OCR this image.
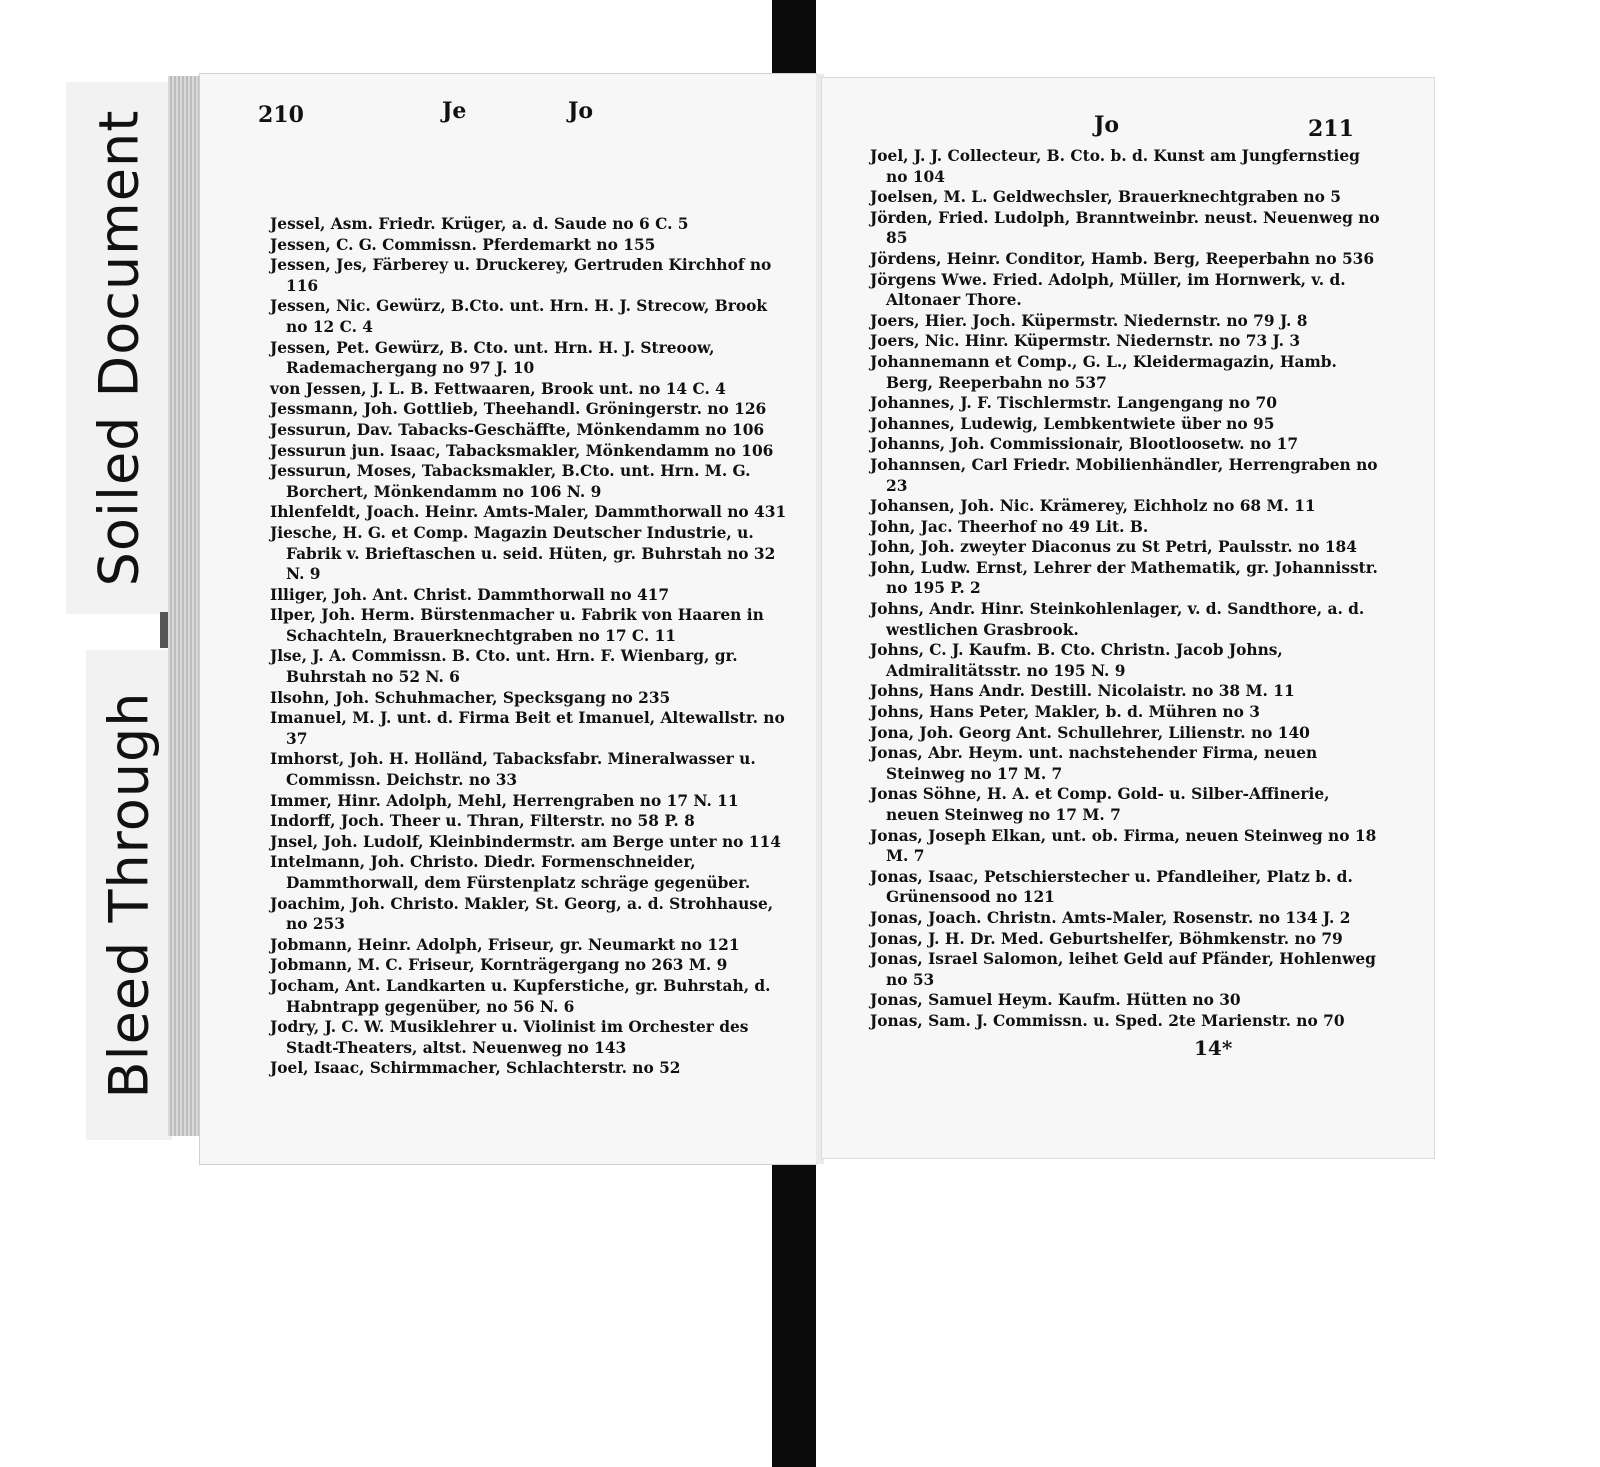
Soiled Document
Bleed Through
210	Je	Jo
Jessel, Asm. Friedr. Krüger, a. d. Saude no 6 C. 5
Jessen, C. G. Commissn. Pferdemarkt no 155
Jessen, Jes, Färberey u. Druckerey, Gertruden Kirchhof no 116
Jessen, Nic. Gewürz, B.Cto. unt. Hrn. H. J. Strecow, Brook no 12 C. 4
Jessen, Pet. Gewürz, B. Cto. unt. Hrn. H. J. Streoow, Rademachergang no 97 J. 10
von Jessen, J. L. B. Fettwaaren, Brook unt. no 14 C. 4
Jessmann, Joh. Gottlieb, Theehandl. Gröningerstr. no 126
Jessurun, Dav. Tabacks-Geschäffte, Mönkendamm no 106
Jessurun jun. Isaac, Tabacksmakler, Mönkendamm no 106
Jessurun, Moses, Tabacksmakler, B.Cto. unt. Hrn. M. G. Borchert, Mönkendamm no 106 N. 9
Ihlenfeldt, Joach. Heinr. Amts-Maler, Dammthorwall no 431
Jiesche, H. G. et Comp. Magazin Deutscher Industrie, u. Fabrik v. Brieftaschen u. seid. Hüten, gr. Buhrstah no 32 N. 9
Illiger, Joh. Ant. Christ. Dammthorwall no 417
Ilper, Joh. Herm. Bürstenmacher u. Fabrik von Haaren in Schachteln, Brauerknechtgraben no 17 C. 11
Jlse, J. A. Commissn. B. Cto. unt. Hrn. F. Wienbarg, gr. Buhrstah no 52 N. 6
Ilsohn, Joh. Schuhmacher, Specksgang no 235
Imanuel, M. J. unt. d. Firma Beit et Imanuel, Altewallstr. no 37
Imhorst, Joh. H. Holländ, Tabacksfabr. Mineralwasser u. Commissn. Deichstr. no 33
Immer, Hinr. Adolph, Mehl, Herrengraben no 17 N. 11
Indorff, Joch. Theer u. Thran, Filterstr. no 58 P. 8
Jnsel, Joh. Ludolf, Kleinbindermstr. am Berge unter no 114
Intelmann, Joh. Christo. Diedr. Formenschneider, Dammthorwall, dem Fürstenplatz schräge gegenüber.
Joachim, Joh. Christo. Makler, St. Georg, a. d. Strohhause, no 253
Jobmann, Heinr. Adolph, Friseur, gr. Neumarkt no 121
Jobmann, M. C. Friseur, Kornträgergang no 263 M. 9
Jocham, Ant. Landkarten u. Kupferstiche, gr. Buhrstah, d. Habntrapp gegenüber, no 56 N. 6
Jodry, J. C. W. Musiklehrer u. Violinist im Orchester des Stadt-Theaters, altst. Neuenweg no 143
Joel, Isaac, Schirmmacher, Schlachterstr. no 52
Jo	211
Joel, J. J. Collecteur, B. Cto. b. d. Kunst am Jungfernstieg no 104
Joelsen, M. L. Geldwechsler, Brauerknechtgraben no 5
Jörden, Fried. Ludolph, Branntweinbr. neust. Neuenweg no 85
Jördens, Heinr. Conditor, Hamb. Berg, Reeperbahn no 536
Jörgens Wwe. Fried. Adolph, Müller, im Hornwerk, v. d. Altonaer Thore.
Joers, Hier. Joch. Küpermstr. Niedernstr. no 79 J. 8
Joers, Nic. Hinr. Küpermstr. Niedernstr. no 73 J. 3
Johannemann et Comp., G. L., Kleidermagazin, Hamb. Berg, Reeperbahn no 537
Johannes, J. F. Tischlermstr. Langengang no 70
Johannes, Ludewig, Lembkentwiete über no 95
Johanns, Joh. Commissionair, Blootloosetw. no 17
Johannsen, Carl Friedr. Mobilienhändler, Herrengraben no 23
Johansen, Joh. Nic. Krämerey, Eichholz no 68 M. 11
John, Jac. Theerhof no 49 Lit. B.
John, Joh. zweyter Diaconus zu St Petri, Paulsstr. no 184
John, Ludw. Ernst, Lehrer der Mathematik, gr. Johannisstr. no 195 P. 2
Johns, Andr. Hinr. Steinkohlenlager, v. d. Sandthore, a. d. westlichen Grasbrook.
Johns, C. J. Kaufm. B. Cto. Christn. Jacob Johns, Admiralitätsstr. no 195 N. 9
Johns, Hans Andr. Destill. Nicolaistr. no 38 M. 11
Johns, Hans Peter, Makler, b. d. Mühren no 3
Jona, Joh. Georg Ant. Schullehrer, Lilienstr. no 140
Jonas, Abr. Heym. unt. nachstehender Firma, neuen Steinweg no 17 M. 7
Jonas Söhne, H. A. et Comp. Gold- u. Silber-Affinerie, neuen Steinweg no 17 M. 7
Jonas, Joseph Elkan, unt. ob. Firma, neuen Steinweg no 18 M. 7
Jonas, Isaac, Petschierstecher u. Pfandleiher, Platz b. d. Grünensood no 121
Jonas, Joach. Christn. Amts-Maler, Rosenstr. no 134 J. 2
Jonas, J. H. Dr. Med. Geburtshelfer, Böhmkenstr. no 79
Jonas, Israel Salomon, leihet Geld auf Pfänder, Hohlenweg no 53
Jonas, Samuel Heym. Kaufm. Hütten no 30
Jonas, Sam. J. Commissn. u. Sped. 2te Marienstr. no 70
14*
